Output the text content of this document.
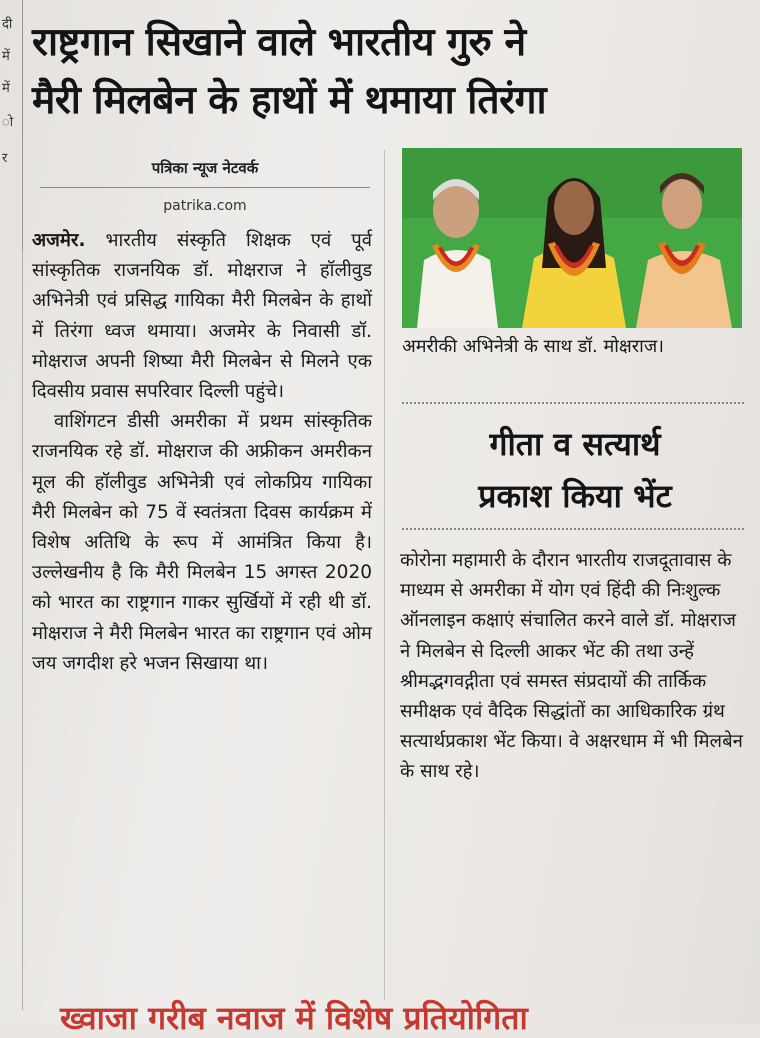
दी
में
में
ो
र
राष्ट्रगान सिखाने वाले भारतीय गुरु ने
मैरी मिलबेन के हाथों में थमाया तिरंगा
पत्रिका न्यूज नेटवर्क
patrika.com

अजमेर. भारतीय संस्कृति शिक्षक एवं पूर्व सांस्कृतिक राजनयिक डॉ. मोक्षराज ने हॉलीवुड अभिनेत्री एवं प्रसिद्ध गायिका मैरी मिलबेन के हाथों में तिरंगा ध्वज थमाया। अजमेर के निवासी डॉ. मोक्षराज अपनी शिष्या मैरी मिलबेन से मिलने एक दिवसीय प्रवास सपरिवार दिल्ली पहुंचे।

वाशिंगटन डीसी अमरीका में प्रथम सांस्कृतिक राजनयिक रहे डॉ. मोक्षराज की अफ्रीकन अमरीकन मूल की हॉलीवुड अभिनेत्री एवं लोकप्रिय गायिका मैरी मिलबेन को 75 वें स्वतंत्रता दिवस कार्यक्रम में विशेष अतिथि के रूप में आमंत्रित किया है। उल्लेखनीय है कि मैरी मिलबेन 15 अगस्त 2020 को भारत का राष्ट्रगान गाकर सुर्खियों में रही थी डॉ. मोक्षराज ने मैरी मिलबेन भारत का राष्ट्रगान एवं ओम जय जगदीश हरे भजन सिखाया था।

अमरीकी अभिनेत्री के साथ डॉ. मोक्षराज।

गीता व सत्यार्थ
प्रकाश किया भेंट

कोरोना महामारी के दौरान भारतीय राजदूतावास के माध्यम से अमरीका में योग एवं हिंदी की निःशुल्क ऑनलाइन कक्षाएं संचालित करने वाले डॉ. मोक्षराज ने मिलबेन से दिल्ली आकर भेंट की तथा उन्हें श्रीमद्भगवद्गीता एवं समस्त संप्रदायों की तार्किक समीक्षक एवं वैदिक सिद्धांतों का आधिकारिक ग्रंथ सत्यार्थप्रकाश भेंट किया। वे अक्षरधाम में भी मिलबेन के साथ रहे।

ख्वाजा गरीब नवाज में विशेष प्रतियोगिता
